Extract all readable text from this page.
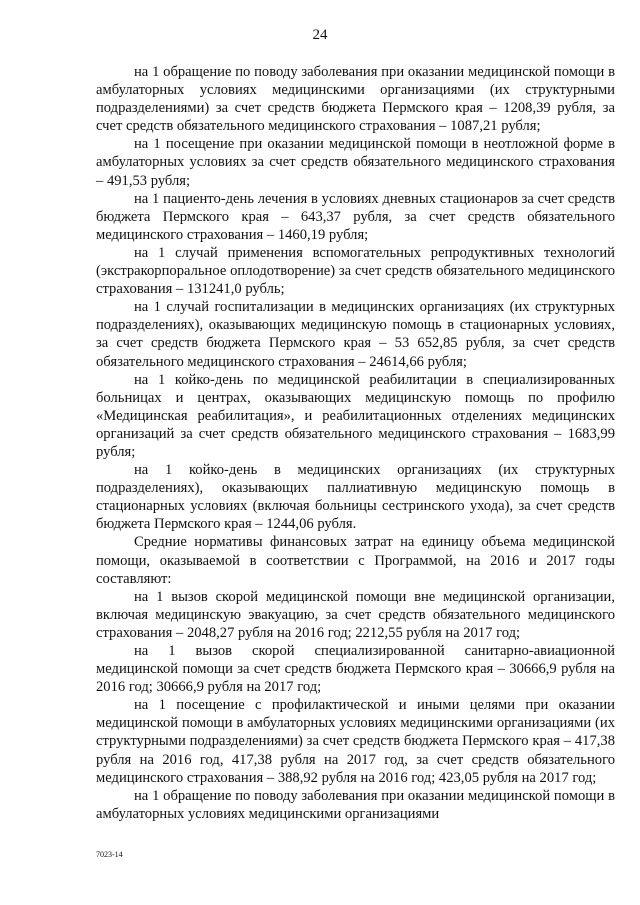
24

на 1 обращение по поводу заболевания при оказании медицинской помощи в амбулаторных условиях медицинскими организациями (их структурными подразделениями) за счет средств бюджета Пермского края – 1208,39 рубля, за счет средств обязательного медицинского страхования – 1087,21 рубля;

на 1 посещение при оказании медицинской помощи в неотложной форме в амбулаторных условиях за счет средств обязательного медицинского страхования – 491,53 рубля;

на 1 пациенто-день лечения в условиях дневных стационаров за счет средств бюджета Пермского края – 643,37 рубля, за счет средств обязательного медицинского страхования – 1460,19 рубля;

на 1 случай применения вспомогательных репродуктивных технологий (экстракорпоральное оплодотворение) за счет средств обязательного медицинского страхования – 131241,0 рубль;

на 1 случай госпитализации в медицинских организациях (их структурных подразделениях), оказывающих медицинскую помощь в стационарных условиях, за счет средств бюджета Пермского края – 53 652,85 рубля, за счет средств обязательного медицинского страхования – 24614,66 рубля;

на 1 койко-день по медицинской реабилитации в специализированных больницах и центрах, оказывающих медицинскую помощь по профилю «Медицинская реабилитация», и реабилитационных отделениях медицинских организаций за счет средств обязательного медицинского страхования – 1683,99 рубля;

на 1 койко-день в медицинских организациях (их структурных подразделениях), оказывающих паллиативную медицинскую помощь в стационарных условиях (включая больницы сестринского ухода), за счет средств бюджета Пермского края – 1244,06 рубля.

Средние нормативы финансовых затрат на единицу объема медицинской помощи, оказываемой в соответствии с Программой, на 2016 и 2017 годы составляют:

на 1 вызов скорой медицинской помощи вне медицинской организации, включая медицинскую эвакуацию, за счет средств обязательного медицинского страхования – 2048,27 рубля на 2016 год; 2212,55 рубля на 2017 год;

на 1 вызов скорой специализированной санитарно-авиационной медицинской помощи за счет средств бюджета Пермского края – 30666,9 рубля на 2016 год; 30666,9 рубля на 2017 год;

на 1 посещение с профилактической и иными целями при оказании медицинской помощи в амбулаторных условиях медицинскими организациями (их структурными подразделениями) за счет средств бюджета Пермского края – 417,38 рубля на 2016 год, 417,38 рубля на 2017 год, за счет средств обязательного медицинского страхования – 388,92 рубля на 2016 год; 423,05 рубля на 2017 год;

на 1 обращение по поводу заболевания при оказании медицинской помощи в амбулаторных условиях медицинскими организациями

7023-14
